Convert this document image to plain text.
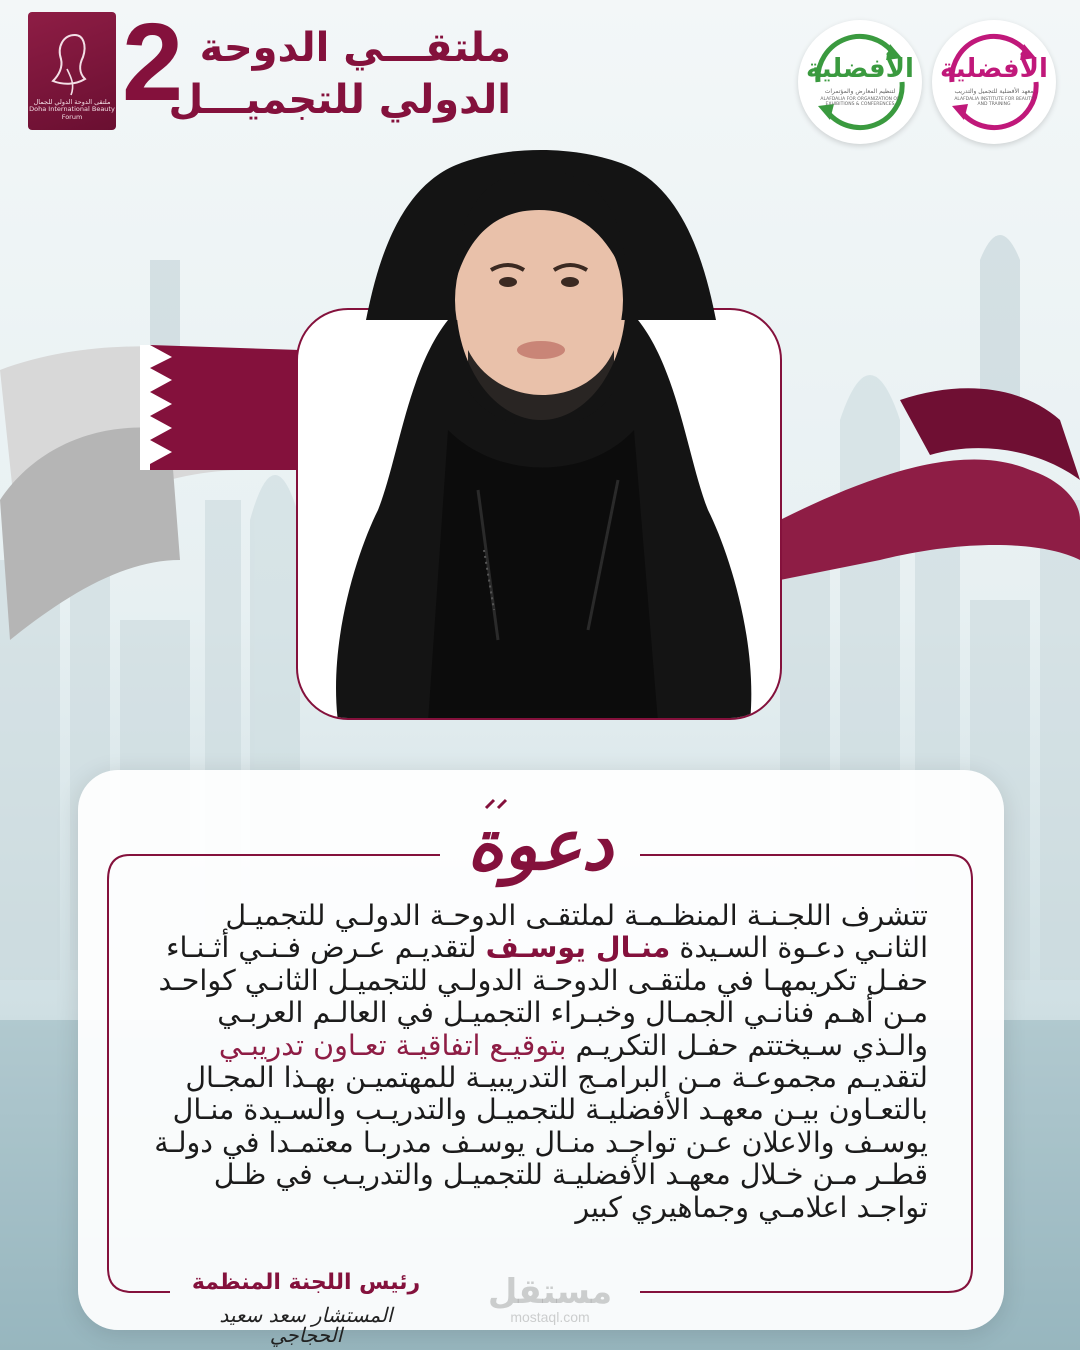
ملتقى الدوحة الدولي للجمال
Doha International Beauty Forum 2 ملتقـــي الدوحة
الدولي للتجميـــل
الأفضلية
لتنظيم المعارض والمؤتمرات
ALAFDALIA FOR ORGANIZATION OF EXHIBITIONS & CONFERENCES
الأفضلية
معهد الأفضلية للتجميل والتدريب
ALAFDALIA INSTITUTE FOR BEAUTY AND TRAINING
دعوة

تتشرف اللجـنـة المنظـمـة لملتقـى الدوحـة الدولـي للتجميـل الثانـي دعـوة السـيدة منـال يوسـف لتقديـم عـرض فـنـي أثـنـاء حفـل تكريمهـا في ملتقـى الدوحـة الدولـي للتجميـل الثانـي كواحـد مـن أهـم فنانـي الجمـال وخبـراء التجميـل في العالـم العربـي والـذي سـيختتم حفـل التكريـم بتوقيـع اتفاقيـة تعـاون تدريبـي لتقديـم مجموعـة مـن البرامـج التدريبيـة للمهتميـن بهـذا المجـال بالتعـاون بيـن معهـد الأفضليـة للتجميـل والتدريـب والسـيدة منـال يوسـف والاعلان عـن تواجـد منـال يوسـف مدربـا معتمـدا في دولـة قطـر مـن خـلال معهـد الأفضليـة للتجميـل والتدريـب في ظـل تواجـد اعلامـي وجماهيري كبير

رئيس اللجنة المنظمة
المستشار سعد سعيد الحجاجي
مستقل
mostaql.com
